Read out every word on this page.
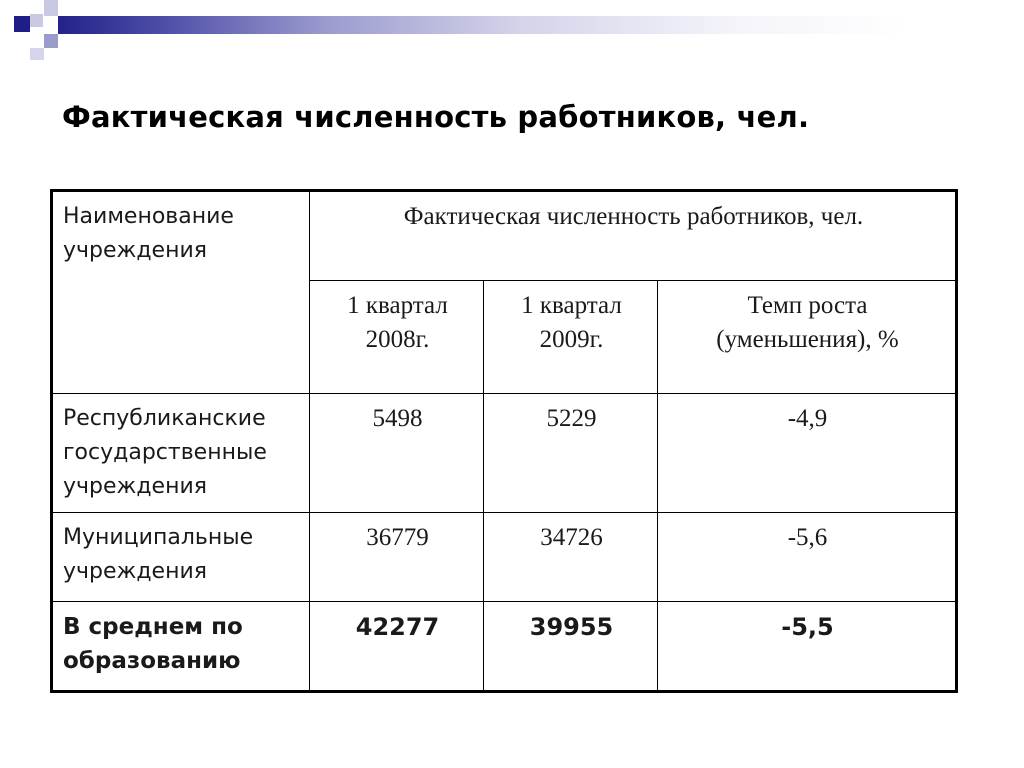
Фактическая численность работников, чел.
Наименование учреждения	Фактическая численность работников, чел.		
	1 квартал 2008г.	1 квартал 2009г.	Темп роста (уменьшения), %
Республиканские государственные учреждения	5498	5229	-4,9
Муниципальные учреждения	36779	34726	-5,6
В среднем по образованию	42277	39955	-5,5
